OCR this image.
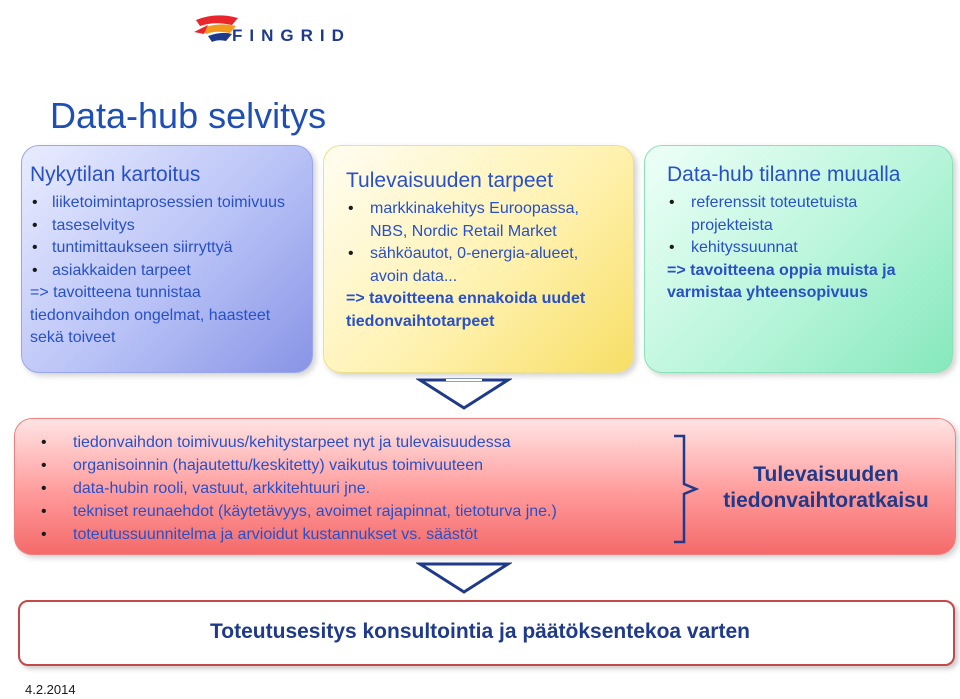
FINGRID
Data-hub selvitys
Nykytilan kartoitus
• liiketoimintaprosessien toimivuus
• taseselvitys
• tuntimittaukseen siirryttyä
• asiakkaiden tarpeet
=> tavoitteena tunnistaa tiedonvaihdon ongelmat, haasteet sekä toiveet
Tulevaisuuden tarpeet
• markkinakehitys Euroopassa, NBS, Nordic Retail Market
• sähköautot, 0-energia-alueet, avoin data...
=> tavoitteena ennakoida uudet tiedonvaihtotarpeet
Data-hub tilanne muualla
• referenssit toteutetuista projekteista
• kehityssuunnat
=> tavoitteena oppia muista ja varmistaa yhteensopivuus
• tiedonvaihdon toimivuus/kehitystarpeet nyt ja tulevaisuudessa
• organisoinnin (hajautettu/keskitetty) vaikutus toimivuuteen
• data-hubin rooli, vastuut, arkkitehtuuri jne.
• tekniset reunaehdot (käytetävyys, avoimet rajapinnat, tietoturva jne.)
• toteutussuunnitelma ja arvioidut kustannukset vs. säästöt
Tulevaisuuden tiedonvaihtoratkaisu
Toteutusesitys konsultointia ja päätöksentekoa varten
4.2.2014
